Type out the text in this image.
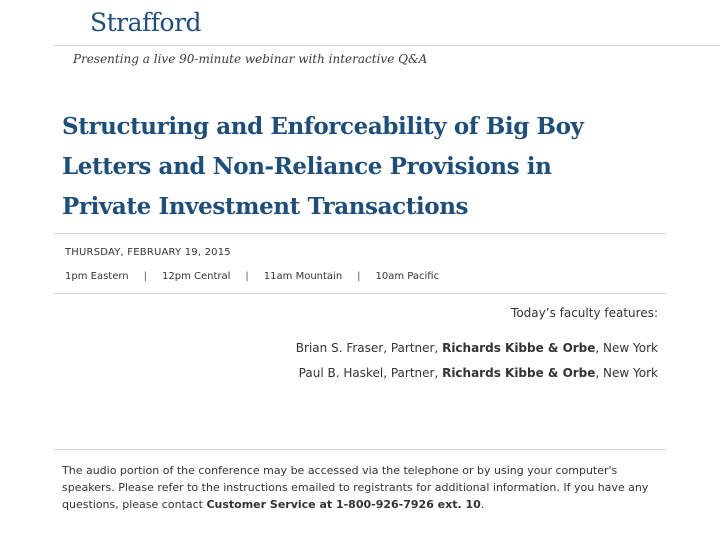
Strafford
Presenting a live 90-minute webinar with interactive Q&A
Structuring and Enforceability of Big Boy
Letters and Non-Reliance Provisions in
Private Investment Transactions
THURSDAY, FEBRUARY 19, 2015
1pm Eastern	|	12pm Central	|	11am Mountain	|	10am Pacific
Today’s faculty features:
Brian S. Fraser, Partner, Richards Kibbe & Orbe, New York
Paul B. Haskel, Partner, Richards Kibbe & Orbe, New York

The audio portion of the conference may be accessed via the telephone or by using your computer's speakers. Please refer to the instructions emailed to registrants for additional information. If you have any questions, please contact Customer Service at 1-800-926-7926 ext. 10.
